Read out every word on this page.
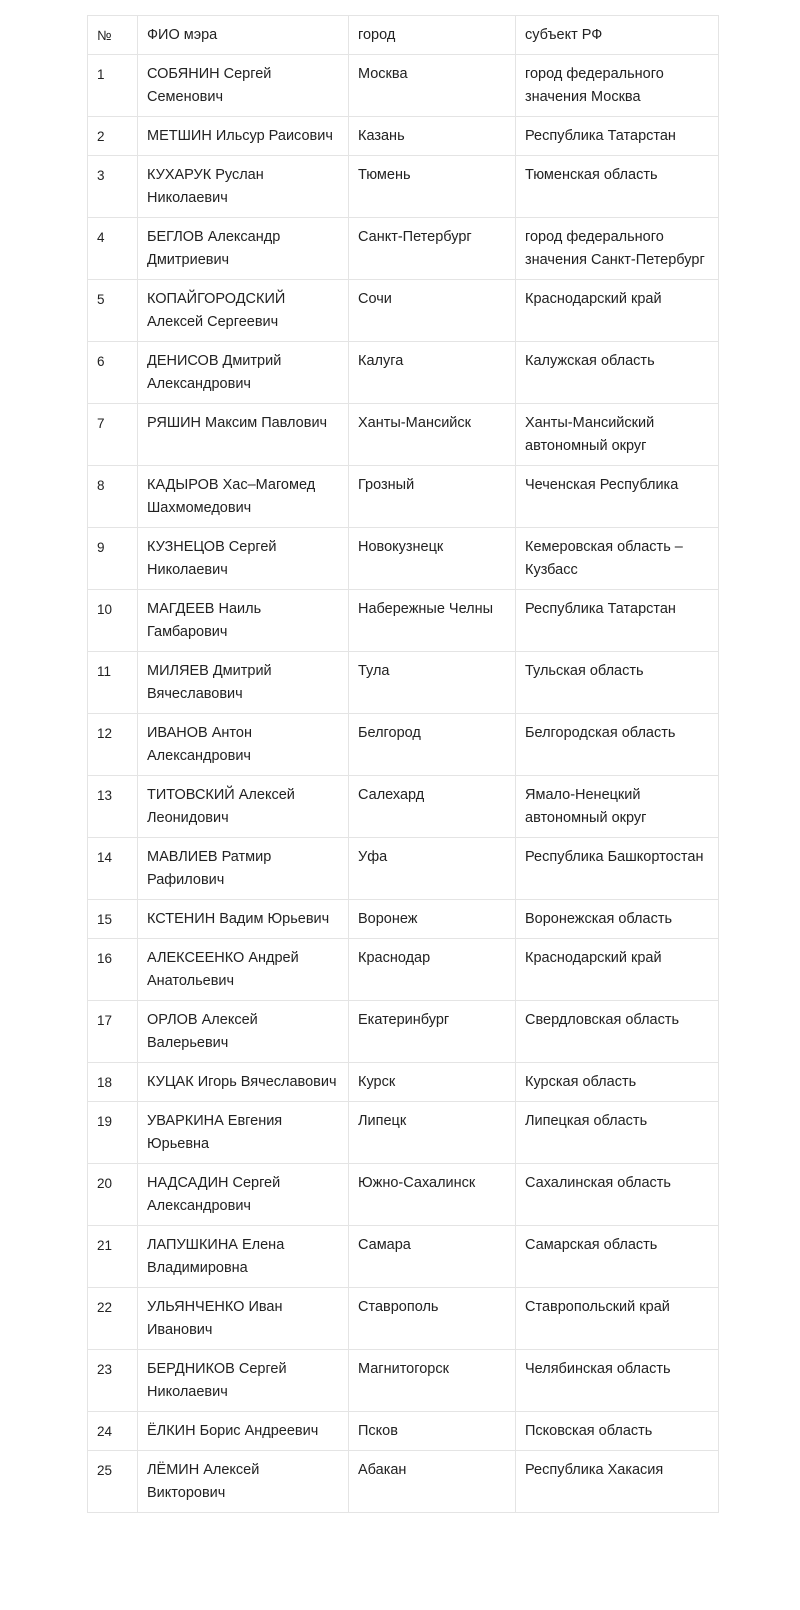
№	ФИО мэра	город	субъект РФ
1	СОБЯНИН Сергей Семенович	Москва	город федерального значения Москва
2	МЕТШИН Ильсур Раисович	Казань	Республика Татарстан
3	КУХАРУК Руслан Николаевич	Тюмень	Тюменская область
4	БЕГЛОВ Александр Дмитриевич	Санкт-Петербург	город федерального значения Санкт-Петербург
5	КОПАЙГОРОДСКИЙ Алексей Сергеевич	Сочи	Краснодарский край
6	ДЕНИСОВ Дмитрий Александрович	Калуга	Калужская область
7	РЯШИН Максим Павлович	Ханты-Мансийск	Ханты-Мансийский автономный округ
8	КАДЫРОВ Хас–Магомед Шахмомедович	Грозный	Чеченская Республика
9	КУЗНЕЦОВ Сергей Николаевич	Новокузнецк	Кемеровская область – Кузбасс
10	МАГДЕЕВ Наиль Гамбарович	Набережные Челны	Республика Татарстан
11	МИЛЯЕВ Дмитрий Вячеславович	Тула	Тульская область
12	ИВАНОВ Антон Александрович	Белгород	Белгородская область
13	ТИТОВСКИЙ Алексей Леонидович	Салехард	Ямало-Ненецкий автономный округ
14	МАВЛИЕВ Ратмир Рафилович	Уфа	Республика Башкортостан
15	КСТЕНИН Вадим Юрьевич	Воронеж	Воронежская область
16	АЛЕКСЕЕНКО Андрей Анатольевич	Краснодар	Краснодарский край
17	ОРЛОВ Алексей Валерьевич	Екатеринбург	Свердловская область
18	КУЦАК Игорь Вячеславович	Курск	Курская область
19	УВАРКИНА Евгения Юрьевна	Липецк	Липецкая область
20	НАДСАДИН Сергей Александрович	Южно-Сахалинск	Сахалинская область
21	ЛАПУШКИНА Елена Владимировна	Самара	Самарская область
22	УЛЬЯНЧЕНКО Иван Иванович	Ставрополь	Ставропольский край
23	БЕРДНИКОВ Сергей Николаевич	Магнитогорск	Челябинская область
24	ЁЛКИН Борис Андреевич	Псков	Псковская область
25	ЛЁМИН Алексей Викторович	Абакан	Республика Хакасия
